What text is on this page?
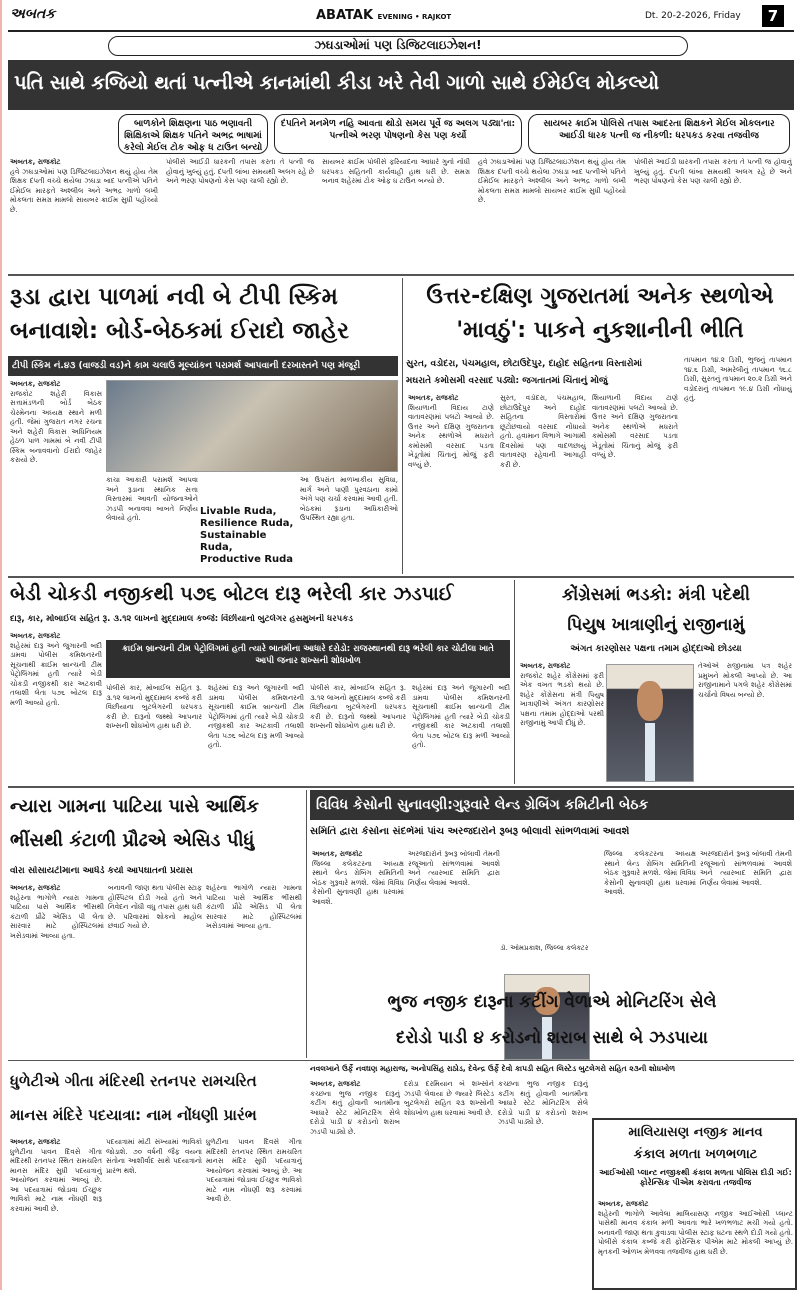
અબતક	ABATAK EVENING • RAJKOT	Dt. 20-2-2026, Friday	7
ઝઘડાઓમાં પણ ડિજિટલાઇઝેશન!
પતિ સાથે કજિયો થતાં પત્નીએ કાનમાંથી કીડા ખરે તેવી ગાળો સાથે ઈમેઈલ મોકલ્યો
બાળકોને શિક્ષણના પાઠ ભણાવતી શિક્ષિકાએ શિક્ષક પતિને અભદ્ર ભાષામાં કરેલો મેઈલ ટોક ઓફ ધ ટાઉન બન્યો
દંપતિને મનમેળ નહિ આવતા થોડો સમય પૂર્વે જ અલગ પડ્યા'તા: પત્નીએ ભરણ પોષણનો કેસ પણ કર્યો
સાયબર ક્રાઈમ પોલિસે તપાસ આદરતા શિક્ષકને મેઈલ મોકલનાર આઈડી ધારક પત્ની જ નીકળી: ધરપકડ કરવા તજવીજ
અબતક, રાજકોટ
હવે ઝઘડાઓમાં પણ ડિજિટલાઇઝેશન થયું હોય તેમ શિક્ષક દંપતી વચ્ચે થયેલા ઝઘડા બાદ પત્નીએ પતિને ઈમેઈલ મારફતે અશ્લીલ અને અભદ્ર ગાળો લખી મોકલતા સમગ્ર મામલો સાયબર ક્રાઈમ સુધી પહોંચ્યો છે.
પોલીસે આઈડી ધારકની તપાસ કરતા તે પત્ની જ હોવાનું ખુલ્યું હતું. દંપતી લાંબા સમયથી અલગ રહે છે અને ભરણ પોષણનો કેસ પણ ચાલી રહ્યો છે.
સાયબર ક્રાઈમ પોલીસે ફરિયાદના આધારે ગુનો નોંધી ધરપકડ સહિતની કાર્યવાહી હાથ ધરી છે. સમગ્ર બનાવ શહેરમાં ટોક ઓફ ધ ટાઉન બન્યો છે.
હવે ઝઘડાઓમાં પણ ડિજિટલાઇઝેશન થયું હોય તેમ શિક્ષક દંપતી વચ્ચે થયેલા ઝઘડા બાદ પત્નીએ પતિને ઈમેઈલ મારફતે અશ્લીલ અને અભદ્ર ગાળો લખી મોકલતા સમગ્ર મામલો સાયબર ક્રાઈમ સુધી પહોંચ્યો છે.
પોલીસે આઈડી ધારકની તપાસ કરતા તે પત્ની જ હોવાનું ખુલ્યું હતું. દંપતી લાંબા સમયથી અલગ રહે છે અને ભરણ પોષણનો કેસ પણ ચાલી રહ્યો છે.
રૂડા દ્વારા પાળમાં નવી બે ટીપી સ્કિમ બનાવાશે: બોર્ડ-બેઠકમાં ઈરાદો જાહેર
ટીપી સ્કિમ નં.૪૩ (વાજડી વડ)ને કામ ચલાઉ મૂલ્યાંકન પરામર્શ આપવાની દરખાસ્તને પણ મંજૂરી
અબતક, રાજકોટ
રાજકોટ શહેરી વિકાસ સત્તામંડળની બોર્ડ બેઠક ચેરમેનના અધ્યક્ષ સ્થાને મળી હતી. જેમાં ગુજરાત નગર રચના અને શહેરી વિકાસ અધિનિયમ હેઠળ પાળ ગામમાં બે નવી ટીપી સ્કિમ બનાવવાનો ઈરાદો જાહેર કરાયો છે.
કાચા આકારી પરામર્શ આપવા અને રૂડાના સ્થાનિક સત્તા વિસ્તારમાં આવતી યોજનાઓને ઝડપી બનાવવા બાબતે નિર્ણય લેવાયો હતો.
Livable Ruda,
Resilience Ruda,
Sustainable Ruda,
Productive Ruda
આ ઉપરાંત માળખાકીય સુવિધા, માર્ગ અને પાણી પુરવઠાના કામો અંગે પણ ચર્ચા કરવામાં આવી હતી. બેઠકમાં રૂડાના અધિકારીઓ ઉપસ્થિત રહ્યા હતા.
ઉત્તર-દક્ષિણ ગુજરાતમાં અનેક સ્થળોએ
'માવઠું': પાકને નુકશાનીની ભીતિ
સુરત, વડોદરા, પંચમહાલ, છોટાઉદેપુર, દાહોદ સહિતના વિસ્તારોમાં
મઘરાતે કમોસમી વરસાદ પડ્યો: જગતાતમાં ચિંતાનું મોજું
અબતક, રાજકોટ
શિયાળાની વિદાય ટાણે વાતાવરણમાં પલટો આવ્યો છે. ઉત્તર અને દક્ષિણ ગુજરાતના અનેક સ્થળોએ મધરાતે કમોસમી વરસાદ પડતા ખેડૂતોમાં ચિંતાનું મોજું ફરી વળ્યું છે.
સુરત, વડોદરા, પંચમહાલ, છોટાઉદેપુર અને દાહોદ સહિતના વિસ્તારોમાં છૂટોછવાયો વરસાદ નોંધાયો હતો. હવામાન વિભાગે આગામી દિવસોમાં પણ વાદળછાયું વાતાવરણ રહેવાની આગાહી કરી છે.
શિયાળાની વિદાય ટાણે વાતાવરણમાં પલટો આવ્યો છે. ઉત્તર અને દક્ષિણ ગુજરાતના અનેક સ્થળોએ મધરાતે કમોસમી વરસાદ પડતા ખેડૂતોમાં ચિંતાનું મોજું ફરી વળ્યું છે.
તાપમાન ૧૪.૨ ડિગ્રી, ભુજનું તાપમાન ૧૪.૬ ડિગ્રી, અમરેલીનું તાપમાન ૧૬.૮ ડિગ્રી, સુરતનું તાપમાન ૨૦.૨ ડિગ્રી અને વડોદરાનું તાપમાન ૧૯.૪ ડિગ્રી નોંધાયું હતું.
બેડી ચોકડી નજીકથી ૫૭૬ બોટલ દારૂ ભરેલી કાર ઝડપાઈ
દારૂ, કાર, મોબાઈલ સહિત રૂ. ૩.૧૨ લાખનો મુદ્દામાલ કબ્જે: વિંછીયાનો બુટલેગર હસમુખની ધરપકડ
અબતક, રાજકોટ
શહેરમાં દારૂ અને જુગારની બદી ડામવા પોલીસ કમિશનરની સૂચનાથી ક્રાઈમ બ્રાન્ચની ટીમ પેટ્રોલિંગમાં હતી ત્યારે બેડી ચોકડી નજીકથી કાર અટકાવી તલાશી લેતા ૫૭૬ બોટલ દારૂ મળી આવ્યો હતો.
ક્રાઈમ બ્રાન્ચની ટીમ પેટ્રોલિંગમાં હતી ત્યારે બાતમીના આધારે દરોડો: રાજસ્થાનથી દારૂ ભરેલી કાર ચોટીલા ખાતે આપી જનાર શખ્સની શોધખોળ
પોલીસે કાર, મોબાઈલ સહિત રૂ. ૩.૧૨ લાખનો મુદ્દામાલ કબ્જે કરી વિંછીયાના બુટલેગરની ધરપકડ કરી છે. દારૂનો જથ્થો આપનાર શખ્સની શોધખોળ હાથ ધરી છે.
શહેરમાં દારૂ અને જુગારની બદી ડામવા પોલીસ કમિશનરની સૂચનાથી ક્રાઈમ બ્રાન્ચની ટીમ પેટ્રોલિંગમાં હતી ત્યારે બેડી ચોકડી નજીકથી કાર અટકાવી તલાશી લેતા ૫૭૬ બોટલ દારૂ મળી આવ્યો હતો.
પોલીસે કાર, મોબાઈલ સહિત રૂ. ૩.૧૨ લાખનો મુદ્દામાલ કબ્જે કરી વિંછીયાના બુટલેગરની ધરપકડ કરી છે. દારૂનો જથ્થો આપનાર શખ્સની શોધખોળ હાથ ધરી છે.
શહેરમાં દારૂ અને જુગારની બદી ડામવા પોલીસ કમિશનરની સૂચનાથી ક્રાઈમ બ્રાન્ચની ટીમ પેટ્રોલિંગમાં હતી ત્યારે બેડી ચોકડી નજીકથી કાર અટકાવી તલાશી લેતા ૫૭૬ બોટલ દારૂ મળી આવ્યો હતો.
કોંગ્રેસમાં ભડકો: મંત્રી પદેથી
પિયુષ ખાત્રાણીનું રાજીનામું
અંગત કારણોસર પક્ષના તમામ હોદ્દાઓ છોડયા
અબતક, રાજકોટ
રાજકોટ શહેર કોંગ્રેસમાં ફરી એક વખત ભડકો થયો છે. શહેર કોંગ્રેસના મંત્રી પિયુષ ખાત્રાણીએ અંગત કારણોસર પક્ષના તમામ હોદ્દાઓ પરથી રાજીનામું આપી દીધું છે.
તેઓએ રાજીનામા પત્ર શહેર પ્રમુખને મોકલી આપ્યો છે. આ રાજીનામાને પગલે શહેર કોંગ્રેસમાં ચર્ચાનો વિષય બન્યો છે.
ન્યારા ગામના પાટિયા પાસે આર્થિક
ભીંસથી કંટાળી પ્રૌઢએ એસિડ પીધું
વોરા સોસાયટીમાના આધેડે કર્યો આપઘાતનો પ્રયાસ
અબતક, રાજકોટ
શહેરના ભાગોળે ન્યારા ગામના પાટિયા પાસે આર્થિક ભીંસથી કંટાળી પ્રૌઢે એસિડ પી લેતા સારવાર માટે હોસ્પિટલમાં ખસેડવામાં આવ્યા હતા.
બનાવની જાણ થતા પોલીસ સ્ટાફ હોસ્પિટલ દોડી ગયો હતો અને નિવેદન નોંધી વધુ તપાસ હાથ ધરી છે. પરિવારમાં શોકનો માહોલ છવાઈ ગયો છે.
શહેરના ભાગોળે ન્યારા ગામના પાટિયા પાસે આર્થિક ભીંસથી કંટાળી પ્રૌઢે એસિડ પી લેતા સારવાર માટે હોસ્પિટલમાં ખસેડવામાં આવ્યા હતા.
વિવિધ કેસોની સુનાવણી:ગુરૂવારે લેન્ડ ગ્રેબિંગ કમિટીની બેઠક
સમિતિ દ્વારા કેસોના સંદર્ભમાં પાંચ અરજદારોને રૂબરૂ બોલાવી સાંભળવામાં આવશે
અબતક, રાજકોટ
જિલ્લા કલેકટરના અધ્યક્ષ સ્થાને લેન્ડ ગ્રેબિંગ સમિતિની બેઠક ગુરૂવારે મળશે. જેમાં વિવિધ કેસોની સુનાવણી હાથ ધરવામાં આવશે.
અરજદારોને રૂબરૂ બોલાવી તેમની રજૂઆતો સાંભળવામાં આવશે અને ત્યારબાદ સમિતિ દ્વારા નિર્ણય લેવામાં આવશે.
ડૉ. ઓમપ્રકાશ, જિલ્લા કલેક્ટર
જિલ્લા કલેકટરના અધ્યક્ષ સ્થાને લેન્ડ ગ્રેબિંગ સમિતિની બેઠક ગુરૂવારે મળશે. જેમાં વિવિધ કેસોની સુનાવણી હાથ ધરવામાં આવશે.
અરજદારોને રૂબરૂ બોલાવી તેમની રજૂઆતો સાંભળવામાં આવશે અને ત્યારબાદ સમિતિ દ્વારા નિર્ણય લેવામાં આવશે.
ભુજ નજીક દારૂના કટીંગ વેળાએ મોનિટરિંગ સેલે
દરોડો પાડી ૪ કરોડનો શરાબ સાથે બે ઝડપાયા
નવલખાને ઉર્ફે નવઘણ મહારાજ, અનોપસિંહ રાઠોડ, દેવેન્દ્ર ઉર્ફે દેવો કાપડી સહિત લિસ્ટેડ બુટલેગરો સહિત ૨૩ની શોધખોળ
ધુળેટીએ ગીતા મંદિરથી રતનપર રામચરિત
માનસ મંદિરે પદયાત્રા: નામ નોંધણી પ્રારંભ
અબતક, રાજકોટ
ધુળેટીના પાવન દિવસે ગીતા મંદિરથી રતનપર સ્થિત રામચરિત માનસ મંદિર સુધી પદયાત્રાનું આયોજન કરવામાં આવ્યું છે. આ પદયાત્રામાં જોડાવા ઈચ્છુક ભાવિકો માટે નામ નોંધણી શરૂ કરવામાં આવી છે.
પદયાત્રામાં મોટી સંખ્યામાં ભાવિકો જોડાશે. ૭૦ વર્ષની જૈફ વયના સંતોના આશીર્વાદ સાથે પદયાત્રાનો પ્રારંભ થશે.
ધુળેટીના પાવન દિવસે ગીતા મંદિરથી રતનપર સ્થિત રામચરિત માનસ મંદિર સુધી પદયાત્રાનું આયોજન કરવામાં આવ્યું છે. આ પદયાત્રામાં જોડાવા ઈચ્છુક ભાવિકો માટે નામ નોંધણી શરૂ કરવામાં આવી છે.
અબતક, રાજકોટ
કચ્છના ભુજ નજીક દારૂનું કટીંગ થતું હોવાની બાતમીના આધારે સ્ટેટ મોનિટરિંગ સેલે દરોડો પાડી ૪ કરોડનો શરાબ ઝડપી પાડ્યો છે.
દરોડા દરમિયાન બે શખ્સોને ઝડપી લેવાયા છે જ્યારે લિસ્ટેડ બુટલેગરો સહિત ૨૩ શખ્સોની શોધખોળ હાથ ધરવામાં આવી છે.
કચ્છના ભુજ નજીક દારૂનું કટીંગ થતું હોવાની બાતમીના આધારે સ્ટેટ મોનિટરિંગ સેલે દરોડો પાડી ૪ કરોડનો શરાબ ઝડપી પાડ્યો છે.
માલિયાસણ નજીક માનવ
કંકાલ મળતા ખળભળાટ
આઈઓસી પ્લાન્ટ નજીકથી કંકાલ મળતા પોલિસ દોડી ગઈ: ફોરેન્સિક પીએમ કરાવતા તજવીજ
અબતક, રાજકોટ
શહેરની ભાગોળે આવેલા માલિયાસણ નજીક આઈઓસી પ્લાન્ટ પાસેથી માનવ કંકાલ મળી આવતા ભારે ખળભળાટ મચી ગયો હતો. બનાવની જાણ થતા કુવાડવા પોલીસ સ્ટાફ ઘટના સ્થળે દોડી ગયો હતો. પોલીસે કંકાલ કબ્જે કરી ફોરેન્સિક પીએમ માટે મોકલી આપ્યું છે. મૃતકની ઓળખ મેળવવા તજવીજ હાથ ધરી છે.
